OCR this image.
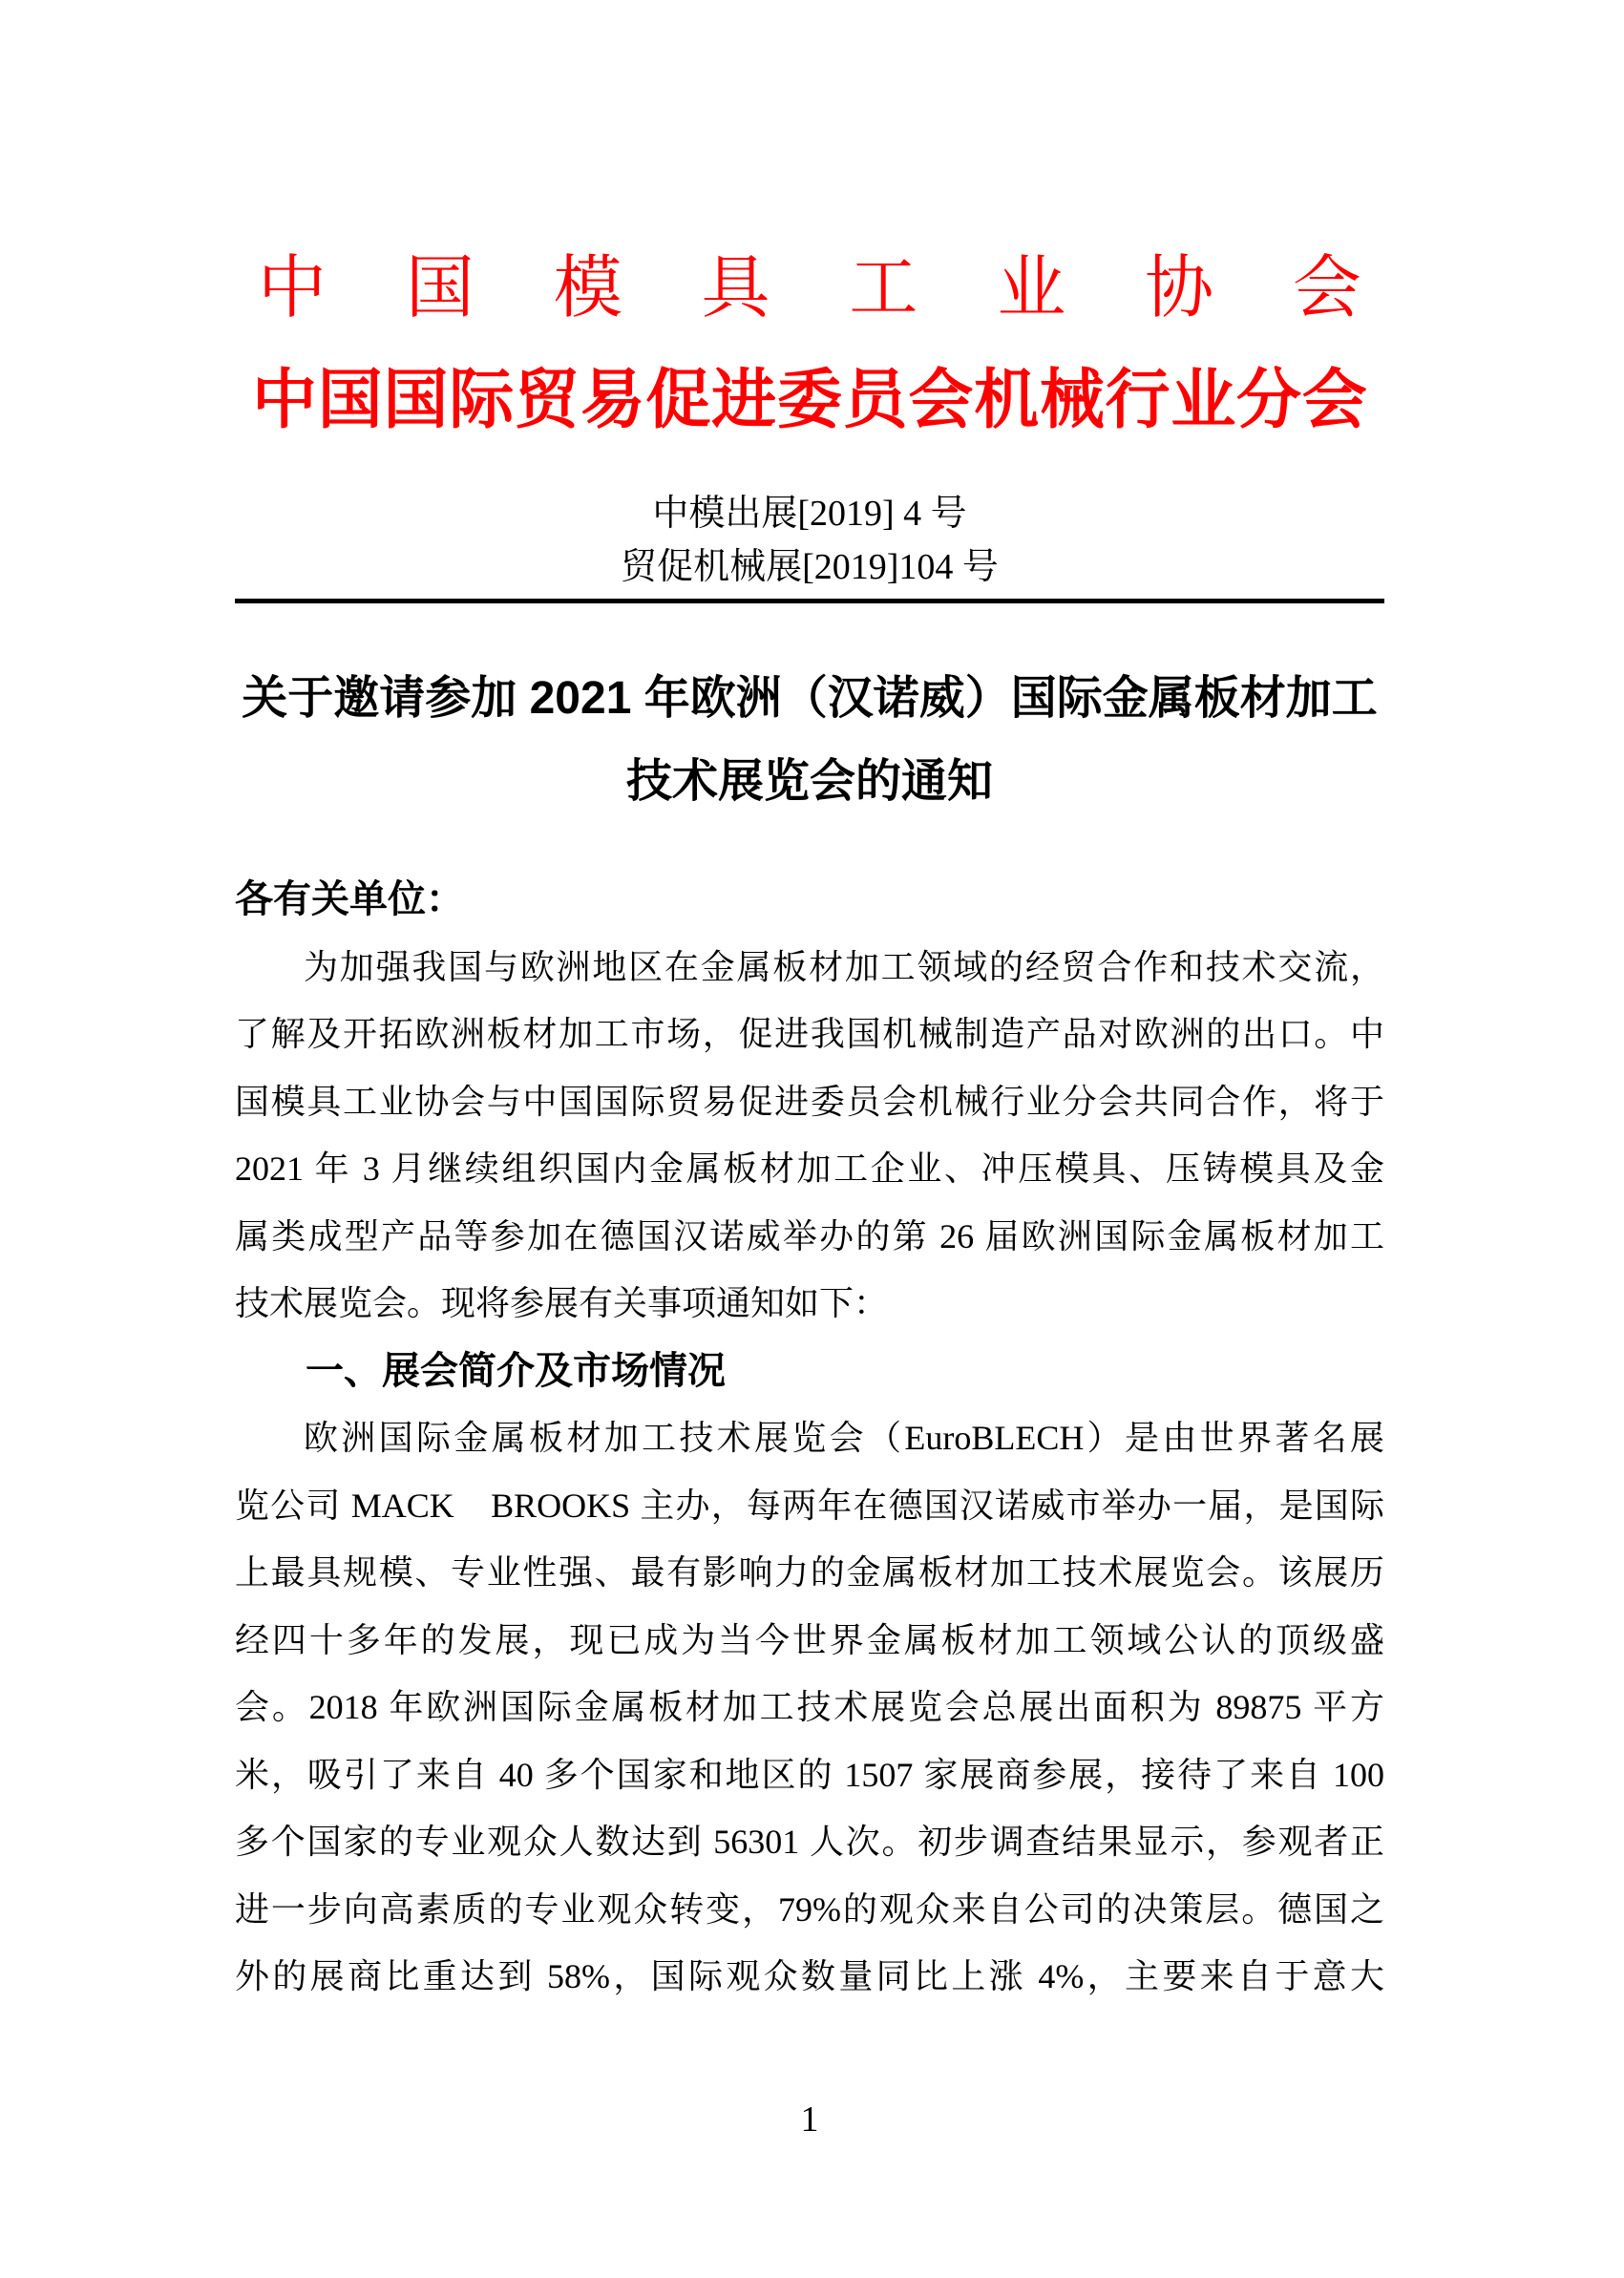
中 国 模 具 工 业 协 会
中 国 国 际 贸 易 促 进 委 员 会 机 械 行 业 分 会
中模出展[2019] 4 号
贸促机械展[2019]104 号
关于邀请参加 2021 年欧洲（汉诺威）国际金属板材加工
技术展览会的通知
各有关单位：
为加强我国与欧洲地区在金属板材加工领域的经贸合作和技术交流，
了解及开拓欧洲板材加工市场，促进我国机械制造产品对欧洲的出口。中
国模具工业协会与中国国际贸易促进委员会机械行业分会共同合作，将于
2021 年 3 月继续组织国内金属板材加工企业、冲压模具、压铸模具及金
属类成型产品等参加在德国汉诺威举办的第 26 届欧洲国际金属板材加工
技术展览会。现将参展有关事项通知如下：
一、展会简介及市场情况
欧洲国际金属板材加工技术展览会（EuroBLECH）是由世界著名展
览公司 MACK　BROOKS 主办，每两年在德国汉诺威市举办一届，是国际
上最具规模、专业性强、最有影响力的金属板材加工技术展览会。该展历
经四十多年的发展，现已成为当今世界金属板材加工领域公认的顶级盛
会。2018 年欧洲国际金属板材加工技术展览会总展出面积为 89875 平方
米，吸引了来自 40 多个国家和地区的 1507 家展商参展，接待了来自 100
多个国家的专业观众人数达到 56301 人次。初步调查结果显示，参观者正
进一步向高素质的专业观众转变，79%的观众来自公司的决策层。德国之
外的展商比重达到 58%，国际观众数量同比上涨 4%，主要来自于意大
1
